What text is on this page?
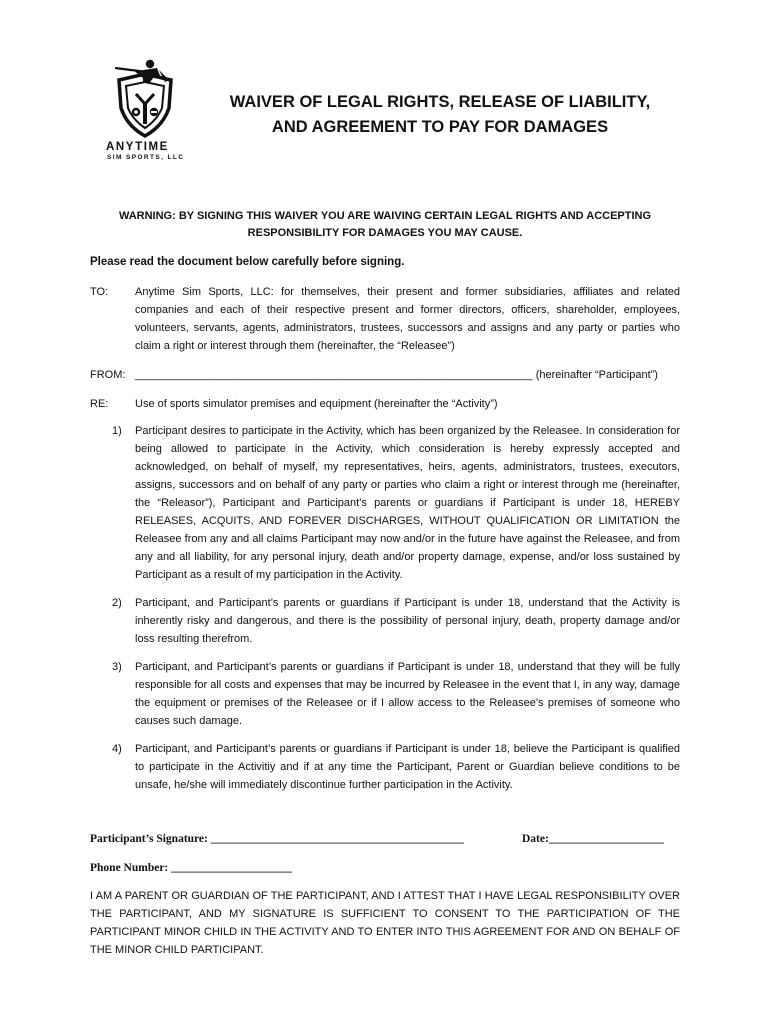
ANYTIME
SIM SPORTS, LLC
WAIVER OF LEGAL RIGHTS, RELEASE OF LIABILITY,
AND AGREEMENT TO PAY FOR DAMAGES
WARNING: BY SIGNING THIS WAIVER YOU ARE WAIVING CERTAIN LEGAL RIGHTS AND ACCEPTING RESPONSIBILITY FOR DAMAGES YOU MAY CAUSE.
Please read the document below carefully before signing.
TO: Anytime Sim Sports, LLC: for themselves, their present and former subsidiaries, affiliates and related companies and each of their respective present and former directors, officers, shareholder, employees, volunteers, servants, agents, administrators, trustees, successors and assigns and any party or parties who claim a right or interest through them (hereinafter, the “Releasee”)
FROM: _________________________________________________________________ (hereinafter “Participant”)
RE: Use of sports simulator premises and equipment (hereinafter the “Activity”)
1) Participant desires to participate in the Activity, which has been organized by the Releasee. In consideration for being allowed to participate in the Activity, which consideration is hereby expressly accepted and acknowledged, on behalf of myself, my representatives, heirs, agents, administrators, trustees, executors, assigns, successors and on behalf of any party or parties who claim a right or interest through me (hereinafter, the “Releasor”), Participant and Participant’s parents or guardians if Participant is under 18, HEREBY RELEASES, ACQUITS, AND FOREVER DISCHARGES, WITHOUT QUALIFICATION OR LIMITATION the Releasee from any and all claims Participant may now and/or in the future have against the Releasee, and from any and all liability, for any personal injury, death and/or property damage, expense, and/or loss sustained by Participant as a result of my participation in the Activity.
2) Participant, and Participant’s parents or guardians if Participant is under 18, understand that the Activity is inherently risky and dangerous, and there is the possibility of personal injury, death, property damage and/or loss resulting therefrom.
3) Participant, and Participant’s parents or guardians if Participant is under 18, understand that they will be fully responsible for all costs and expenses that may be incurred by Releasee in the event that I, in any way, damage the equipment or premises of the Releasee or if I allow access to the Releasee’s premises of someone who causes such damage.
4) Participant, and Participant’s parents or guardians if Participant is under 18, believe the Participant is qualified to participate in the Activitiy and if at any time the Participant, Parent or Guardian believe conditions to be unsafe, he/she will immediately discontinue further participation in the Activity.
Participant’s Signature: ____________________________________________	Date:____________________
Phone Number: _____________________
I AM A PARENT OR GUARDIAN OF THE PARTICIPANT, AND I ATTEST THAT I HAVE LEGAL RESPONSIBILITY OVER THE PARTICIPANT, AND MY SIGNATURE IS SUFFICIENT TO CONSENT TO THE PARTICIPATION OF THE PARTICIPANT MINOR CHILD IN THE ACTIVITY AND TO ENTER INTO THIS AGREEMENT FOR AND ON BEHALF OF THE MINOR CHILD PARTICIPANT.
